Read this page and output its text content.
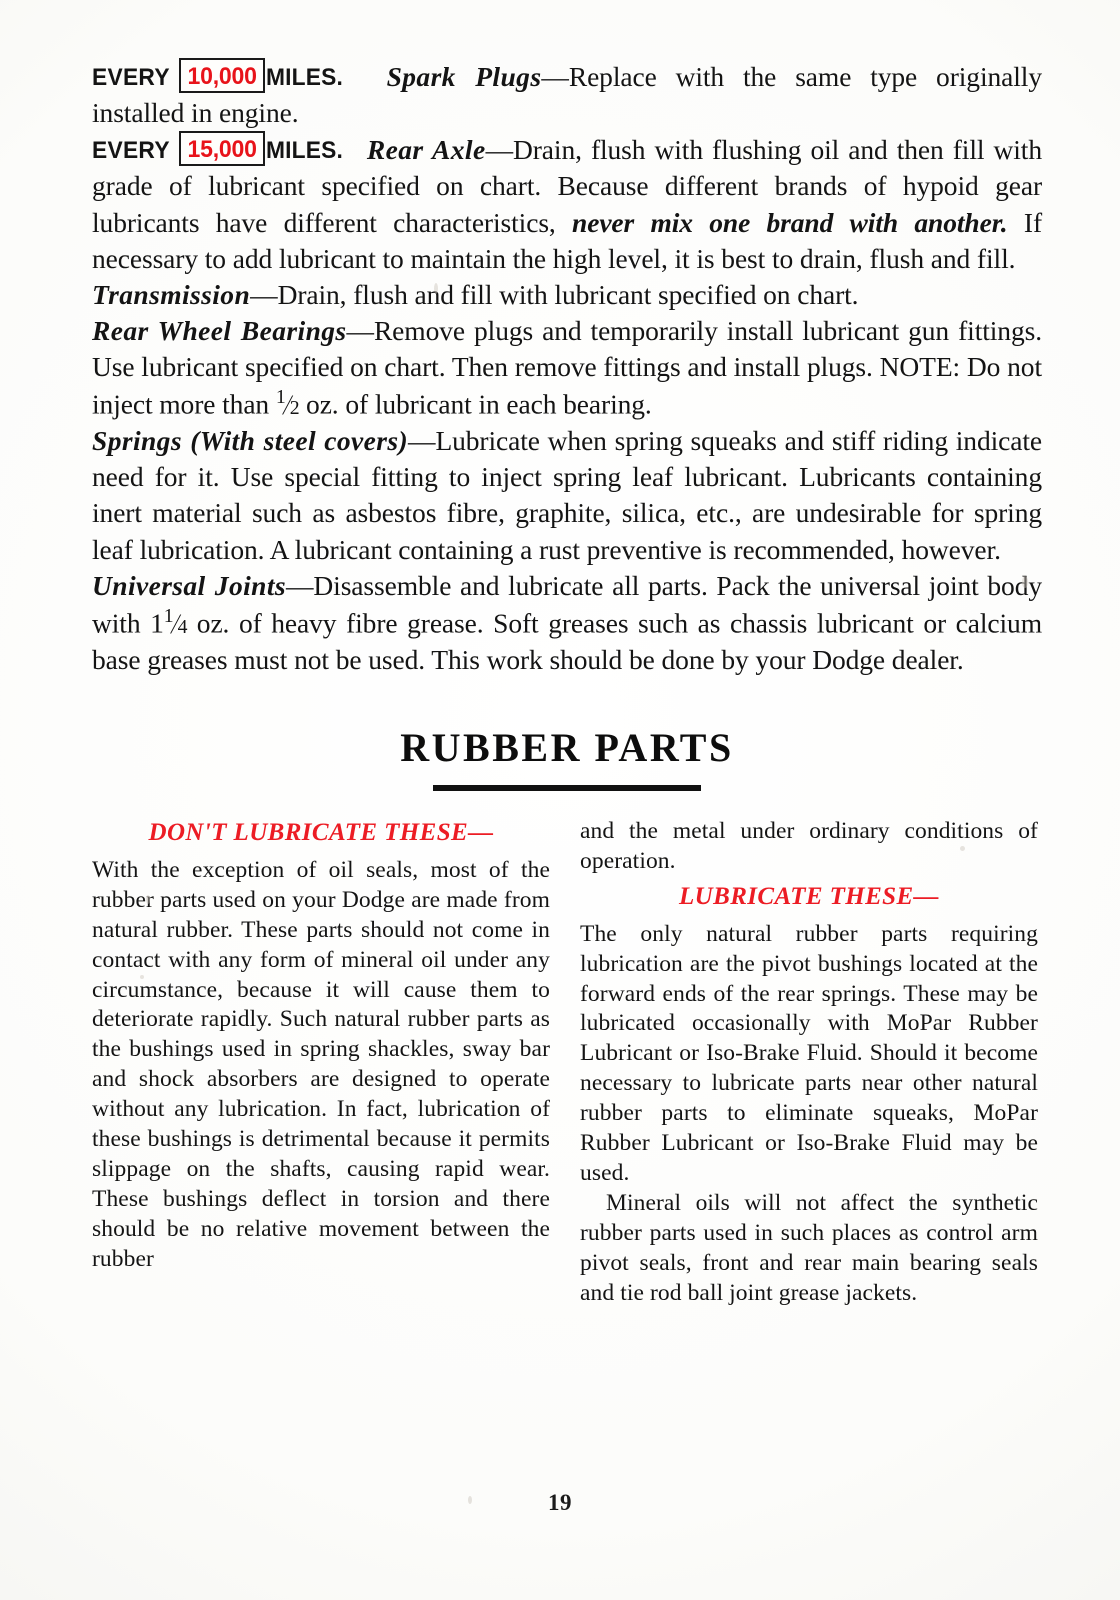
EVERY 10,000 MILES. Spark Plugs—Replace with the same type originally installed in engine.

EVERY 15,000 MILES. Rear Axle—Drain, flush with flushing oil and then fill with grade of lubricant specified on chart. Because different brands of hypoid gear lubricants have different characteristics, never mix one brand with another. If necessary to add lubricant to maintain the high level, it is best to drain, flush and fill.

Transmission—Drain, flush and fill with lubricant specified on chart.

Rear Wheel Bearings—Remove plugs and temporarily install lubricant gun fittings. Use lubricant specified on chart. Then remove fittings and install plugs. NOTE: Do not inject more than $^1⁄_2$ oz. of lubricant in each bearing.

Springs (With steel covers)—Lubricate when spring squeaks and stiff riding indicate need for it. Use special fitting to inject spring leaf lubricant. Lubricants containing inert material such as asbestos fibre, graphite, silica, etc., are undesirable for spring leaf lubrication. A lubricant containing a rust preventive is recommended, however.

Universal Joints—Disassemble and lubricate all parts. Pack the universal joint body with $1^1⁄_4$ oz. of heavy fibre grease. Soft greases such as chassis lubricant or calcium base greases must not be used. This work should be done by your Dodge dealer.

RUBBER PARTS
DON'T LUBRICATE THESE—

With the exception of oil seals, most of the rubber parts used on your Dodge are made from natural rubber. These parts should not come in contact with any form of mineral oil under any circumstance, because it will cause them to deteriorate rapidly. Such natural rubber parts as the bushings used in spring shackles, sway bar and shock absorbers are designed to operate without any lubrication. In fact, lubrication of these bushings is detrimental because it permits slippage on the shafts, causing rapid wear. These bushings deflect in torsion and there should be no relative movement between the rubber

and the metal under ordinary conditions of operation.

LUBRICATE THESE—

The only natural rubber parts requiring lubrication are the pivot bushings located at the forward ends of the rear springs. These may be lubricated occasionally with MoPar Rubber Lubricant or Iso-Brake Fluid. Should it become necessary to lubricate parts near other natural rubber parts to eliminate squeaks, MoPar Rubber Lubricant or Iso-Brake Fluid may be used.

Mineral oils will not affect the synthetic rubber parts used in such places as control arm pivot seals, front and rear main bearing seals and tie rod ball joint grease jackets.

19
